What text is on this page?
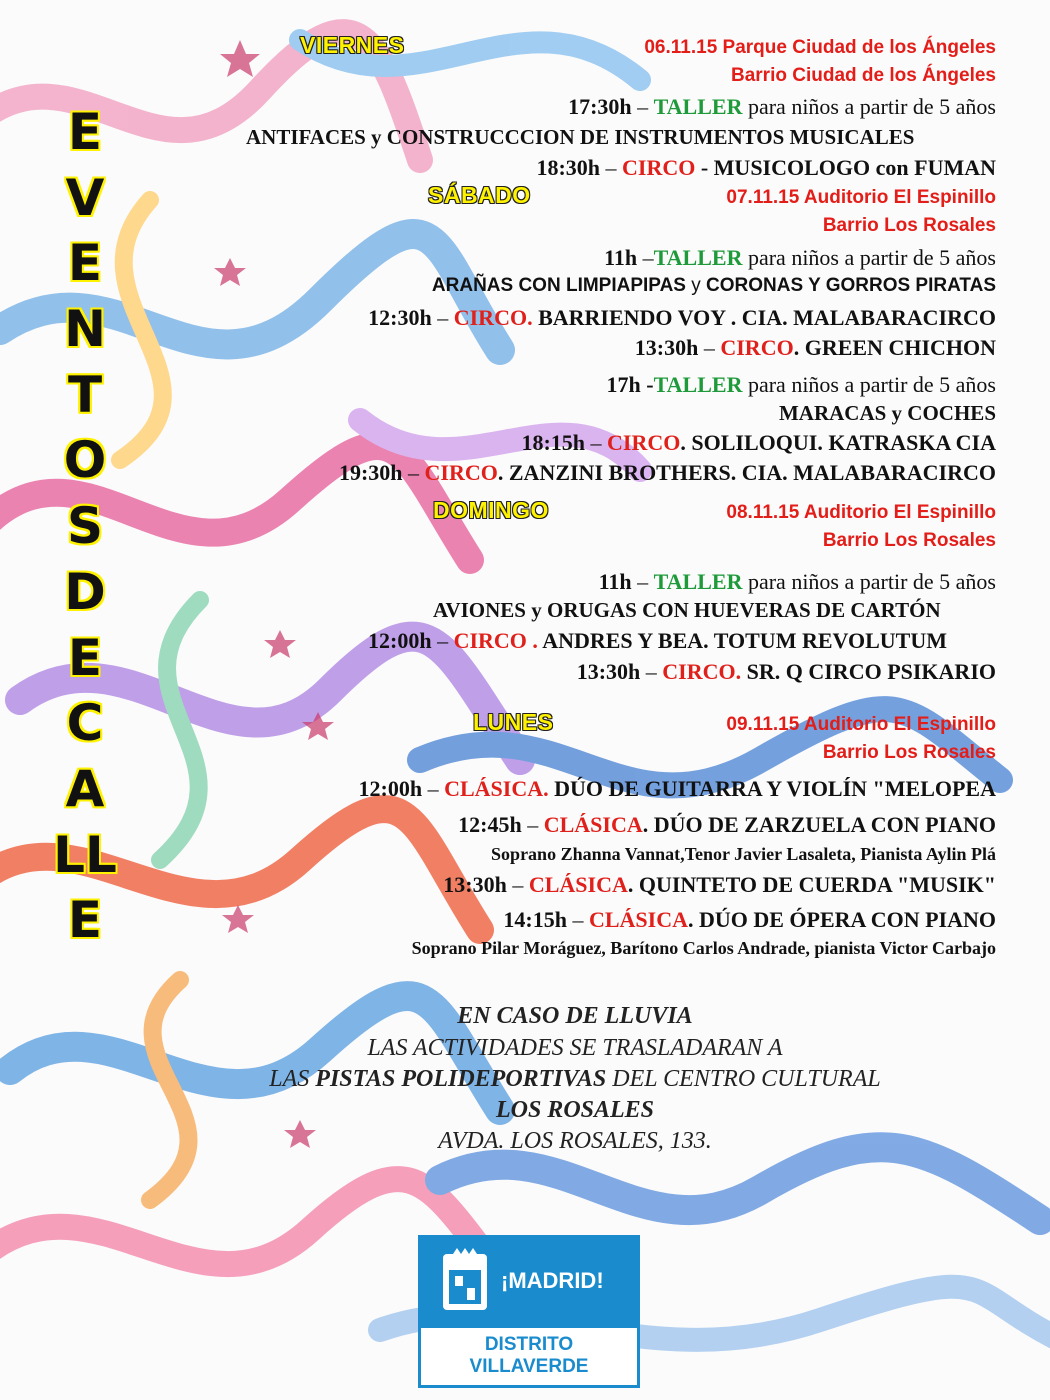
E
V
E
N
T
O
S
D
E
C
A
LL
E
VIERNES	06.11.15 Parque Ciudad de los Ángeles
Barrio Ciudad de los Ángeles
17:30h – TALLER para niños a partir de 5 años
ANTIFACES y CONSTRUCCCION DE INSTRUMENTOS MUSICALES
18:30h – CIRCO - MUSICOLOGO con FUMAN
SÁBADO	07.11.15 Auditorio El Espinillo
Barrio Los Rosales
11h –TALLER para niños a partir de 5 años
ARAÑAS CON LIMPIAPIPAS y CORONAS Y GORROS PIRATAS
12:30h – CIRCO. BARRIENDO VOY . CIA. MALABARACIRCO
13:30h – CIRCO. GREEN CHICHON
17h -TALLER para niños a partir de 5 años
MARACAS y COCHES
18:15h – CIRCO. SOLILOQUI. KATRASKA CIA
19:30h – CIRCO. ZANZINI BROTHERS. CIA. MALABARACIRCO
DOMINGO	08.11.15 Auditorio El Espinillo
Barrio Los Rosales
11h – TALLER para niños a partir de 5 años
AVIONES y ORUGAS CON HUEVERAS DE CARTÓN
12:00h – CIRCO . ANDRES Y BEA. TOTUM REVOLUTUM
13:30h – CIRCO. SR. Q CIRCO PSIKARIO
LUNES	09.11.15 Auditorio El Espinillo
Barrio Los Rosales
12:00h – CLÁSICA. DÚO DE GUITARRA Y VIOLÍN "MELOPEA
12:45h – CLÁSICA. DÚO DE ZARZUELA CON PIANO
Soprano Zhanna Vannat,Tenor Javier Lasaleta, Pianista Aylin Plá
13:30h – CLÁSICA. QUINTETO DE CUERDA "MUSIK"
14:15h – CLÁSICA. DÚO DE ÓPERA CON PIANO
Soprano Pilar Moráguez, Barítono Carlos Andrade, pianista Victor Carbajo
EN CASO DE LLUVIA
LAS ACTIVIDADES SE TRASLADARAN A
LAS PISTAS POLIDEPORTIVAS DEL CENTRO CULTURAL
LOS ROSALES
AVDA. LOS ROSALES, 133.
¡MADRID!
DISTRITO
VILLAVERDE
